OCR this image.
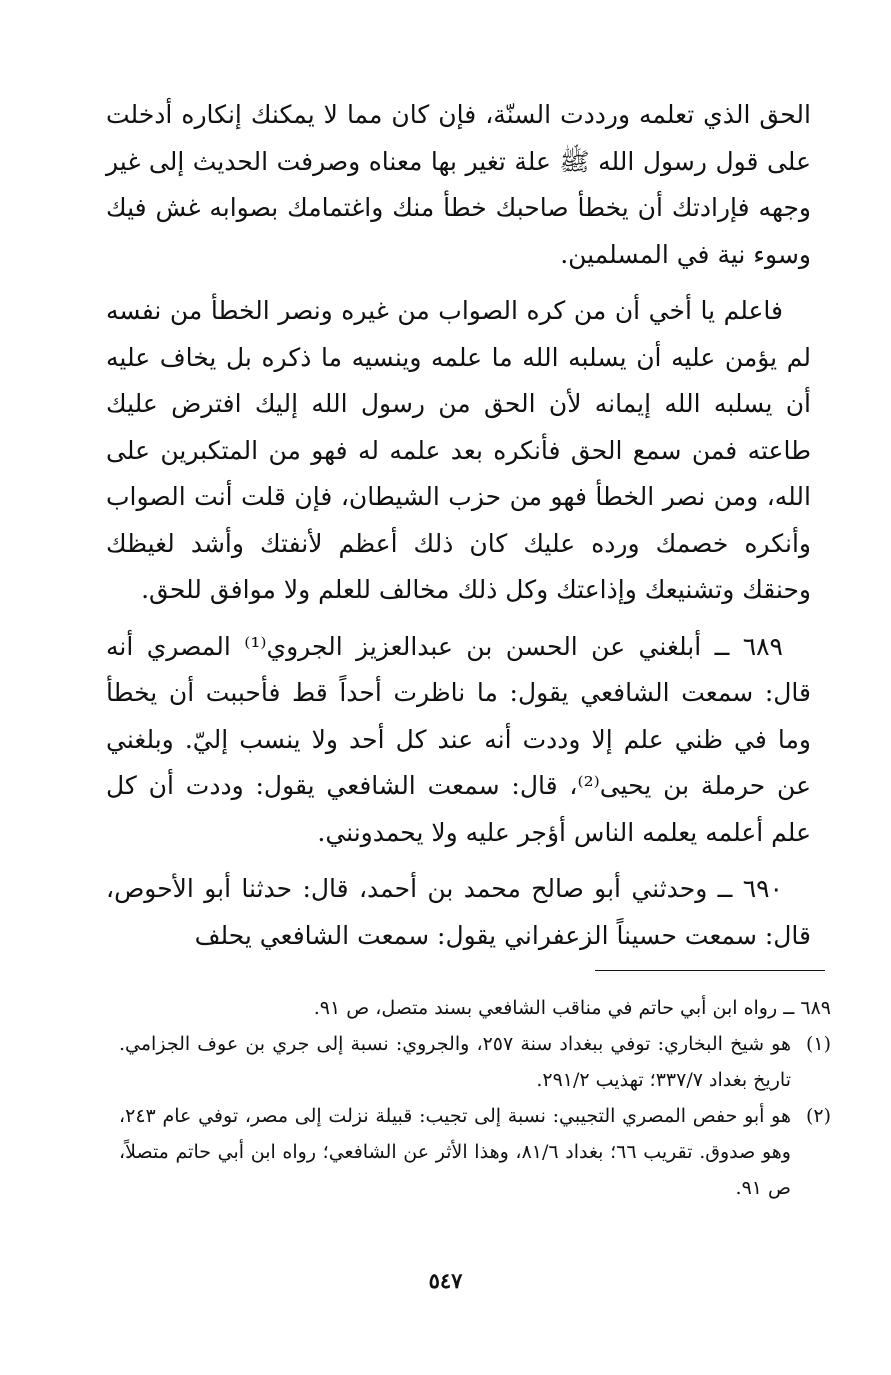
الحق الذي تعلمه ورددت السنّة، فإن كان مما لا يمكنك إنكاره أدخلت على قول رسول الله ﷺ علة تغير بها معناه وصرفت الحديث إلى غير وجهه فإرادتك أن يخطأ صاحبك خطأ منك واغتمامك بصوابه غش فيك وسوء نية في المسلمين.

فاعلم يا أخي أن من كره الصواب من غيره ونصر الخطأ من نفسه لم يؤمن عليه أن يسلبه الله ما علمه وينسيه ما ذكره بل يخاف عليه أن يسلبه الله إيمانه لأن الحق من رسول الله إليك افترض عليك طاعته فمن سمع الحق فأنكره بعد علمه له فهو من المتكبرين على الله، ومن نصر الخطأ فهو من حزب الشيطان، فإن قلت أنت الصواب وأنكره خصمك ورده عليك كان ذلك أعظم لأنفتك وأشد لغيظك وحنقك وتشنيعك وإذاعتك وكل ذلك مخالف للعلم ولا موافق للحق.

٦٨٩ ــ أبلغني عن الحسن بن عبدالعزيز الجروي⁽¹⁾ المصري أنه قال: سمعت الشافعي يقول: ما ناظرت أحداً قط فأحببت أن يخطأ وما في ظني علم إلا وددت أنه عند كل أحد ولا ينسب إليّ. وبلغني عن حرملة بن يحيى⁽²⁾، قال: سمعت الشافعي يقول: وددت أن كل علم أعلمه يعلمه الناس أؤجر عليه ولا يحمدونني.

٦٩٠ ــ وحدثني أبو صالح محمد بن أحمد، قال: حدثنا أبو الأحوص، قال: سمعت حسيناً الزعفراني يقول: سمعت الشافعي يحلف

٦٨٩ ــ رواه ابن أبي حاتم في مناقب الشافعي بسند متصل، ص ٩١.

(١)هو شيخ البخاري: توفي ببغداد سنة ٢٥٧، والجروي: نسبة إلى جري بن عوف الجزامي. تاريخ بغداد ٣٣٧/٧؛ تهذيب ٢٩١/٢.

(٢)هو أبو حفص المصري التجيبي: نسبة إلى تجيب: قبيلة نزلت إلى مصر، توفي عام ٢٤٣، وهو صدوق. تقريب ٦٦؛ بغداد ٨١/٦، وهذا الأثر عن الشافعي؛ رواه ابن أبي حاتم متصلاً، ص ٩١.

٥٤٧
